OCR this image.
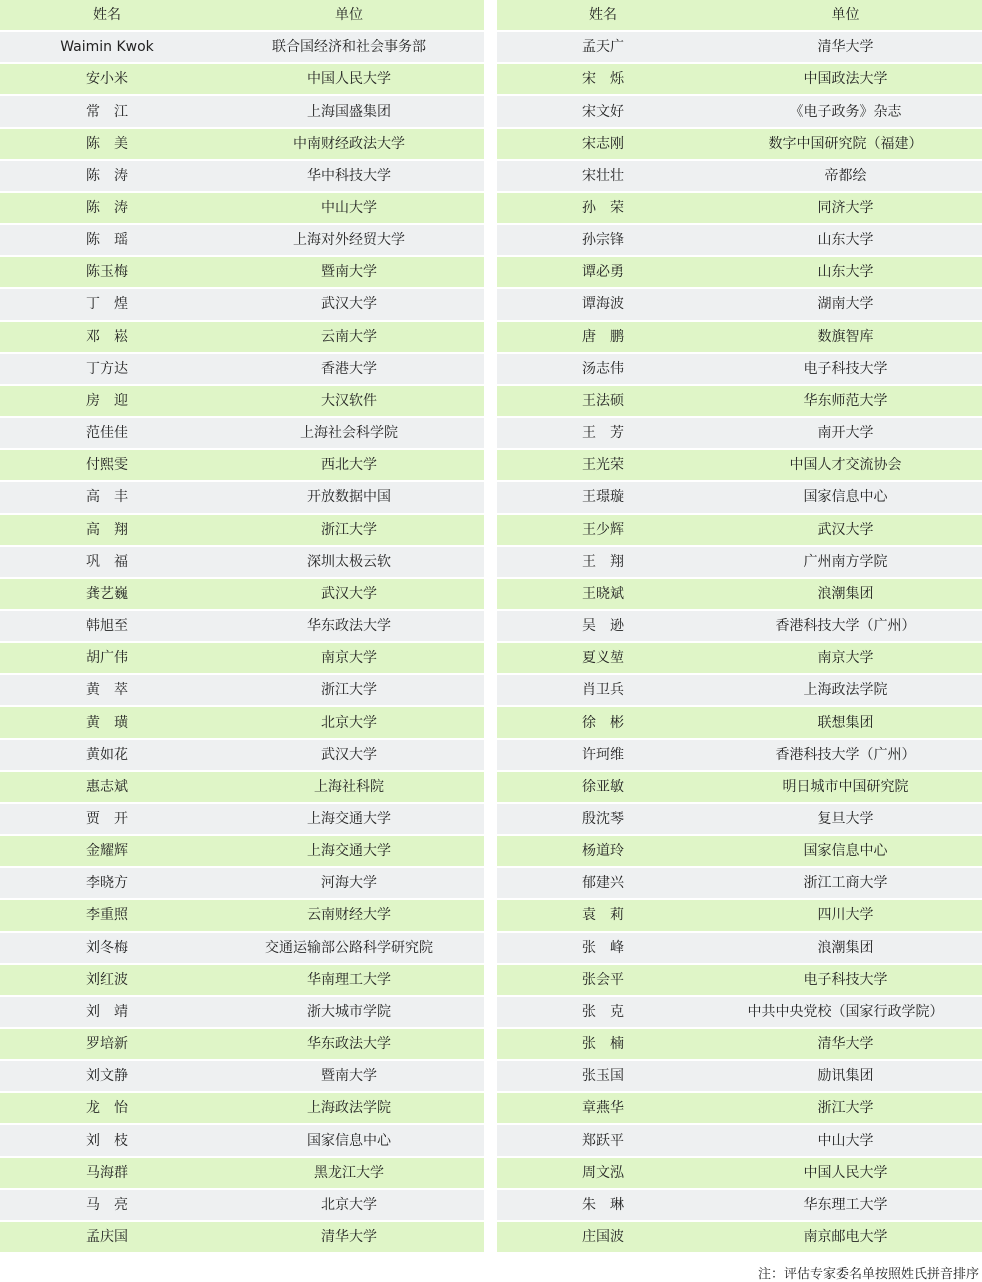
姓名	单位
Waimin Kwok	联合国经济和社会事务部
安小米	中国人民大学
常　江	上海国盛集团
陈　美	中南财经政法大学
陈　涛	华中科技大学
陈　涛	中山大学
陈　瑶	上海对外经贸大学
陈玉梅	暨南大学
丁　煌	武汉大学
邓　崧	云南大学
丁方达	香港大学
房　迎	大汉软件
范佳佳	上海社会科学院
付熙雯	西北大学
高　丰	开放数据中国
高　翔	浙江大学
巩　福	深圳太极云软
龚艺巍	武汉大学
韩旭至	华东政法大学
胡广伟	南京大学
黄　萃	浙江大学
黄　璜	北京大学
黄如花	武汉大学
惠志斌	上海社科院
贾　开	上海交通大学
金耀辉	上海交通大学
李晓方	河海大学
李重照	云南财经大学
刘冬梅	交通运输部公路科学研究院
刘红波	华南理工大学
刘　靖	浙大城市学院
罗培新	华东政法大学
刘文静	暨南大学
龙　怡	上海政法学院
刘　枝	国家信息中心
马海群	黑龙江大学
马　亮	北京大学
孟庆国	清华大学
姓名	单位
孟天广	清华大学
宋　烁	中国政法大学
宋文好	《电子政务》杂志
宋志刚	数字中国研究院（福建）
宋壮壮	帝都绘
孙　荣	同济大学
孙宗锋	山东大学
谭必勇	山东大学
谭海波	湖南大学
唐　鹏	数旗智库
汤志伟	电子科技大学
王法硕	华东师范大学
王　芳	南开大学
王光荣	中国人才交流协会
王璟璇	国家信息中心
王少辉	武汉大学
王　翔	广州南方学院
王晓斌	浪潮集团
吴　逊	香港科技大学（广州）
夏义堃	南京大学
肖卫兵	上海政法学院
徐　彬	联想集团
许珂维	香港科技大学（广州）
徐亚敏	明日城市中国研究院
殷沈琴	复旦大学
杨道玲	国家信息中心
郁建兴	浙江工商大学
袁　莉	四川大学
张　峰	浪潮集团
张会平	电子科技大学
张　克	中共中央党校（国家行政学院）
张　楠	清华大学
张玉国	励讯集团
章燕华	浙江大学
郑跃平	中山大学
周文泓	中国人民大学
朱　琳	华东理工大学
庄国波	南京邮电大学
注：评估专家委名单按照姓氏拼音排序
